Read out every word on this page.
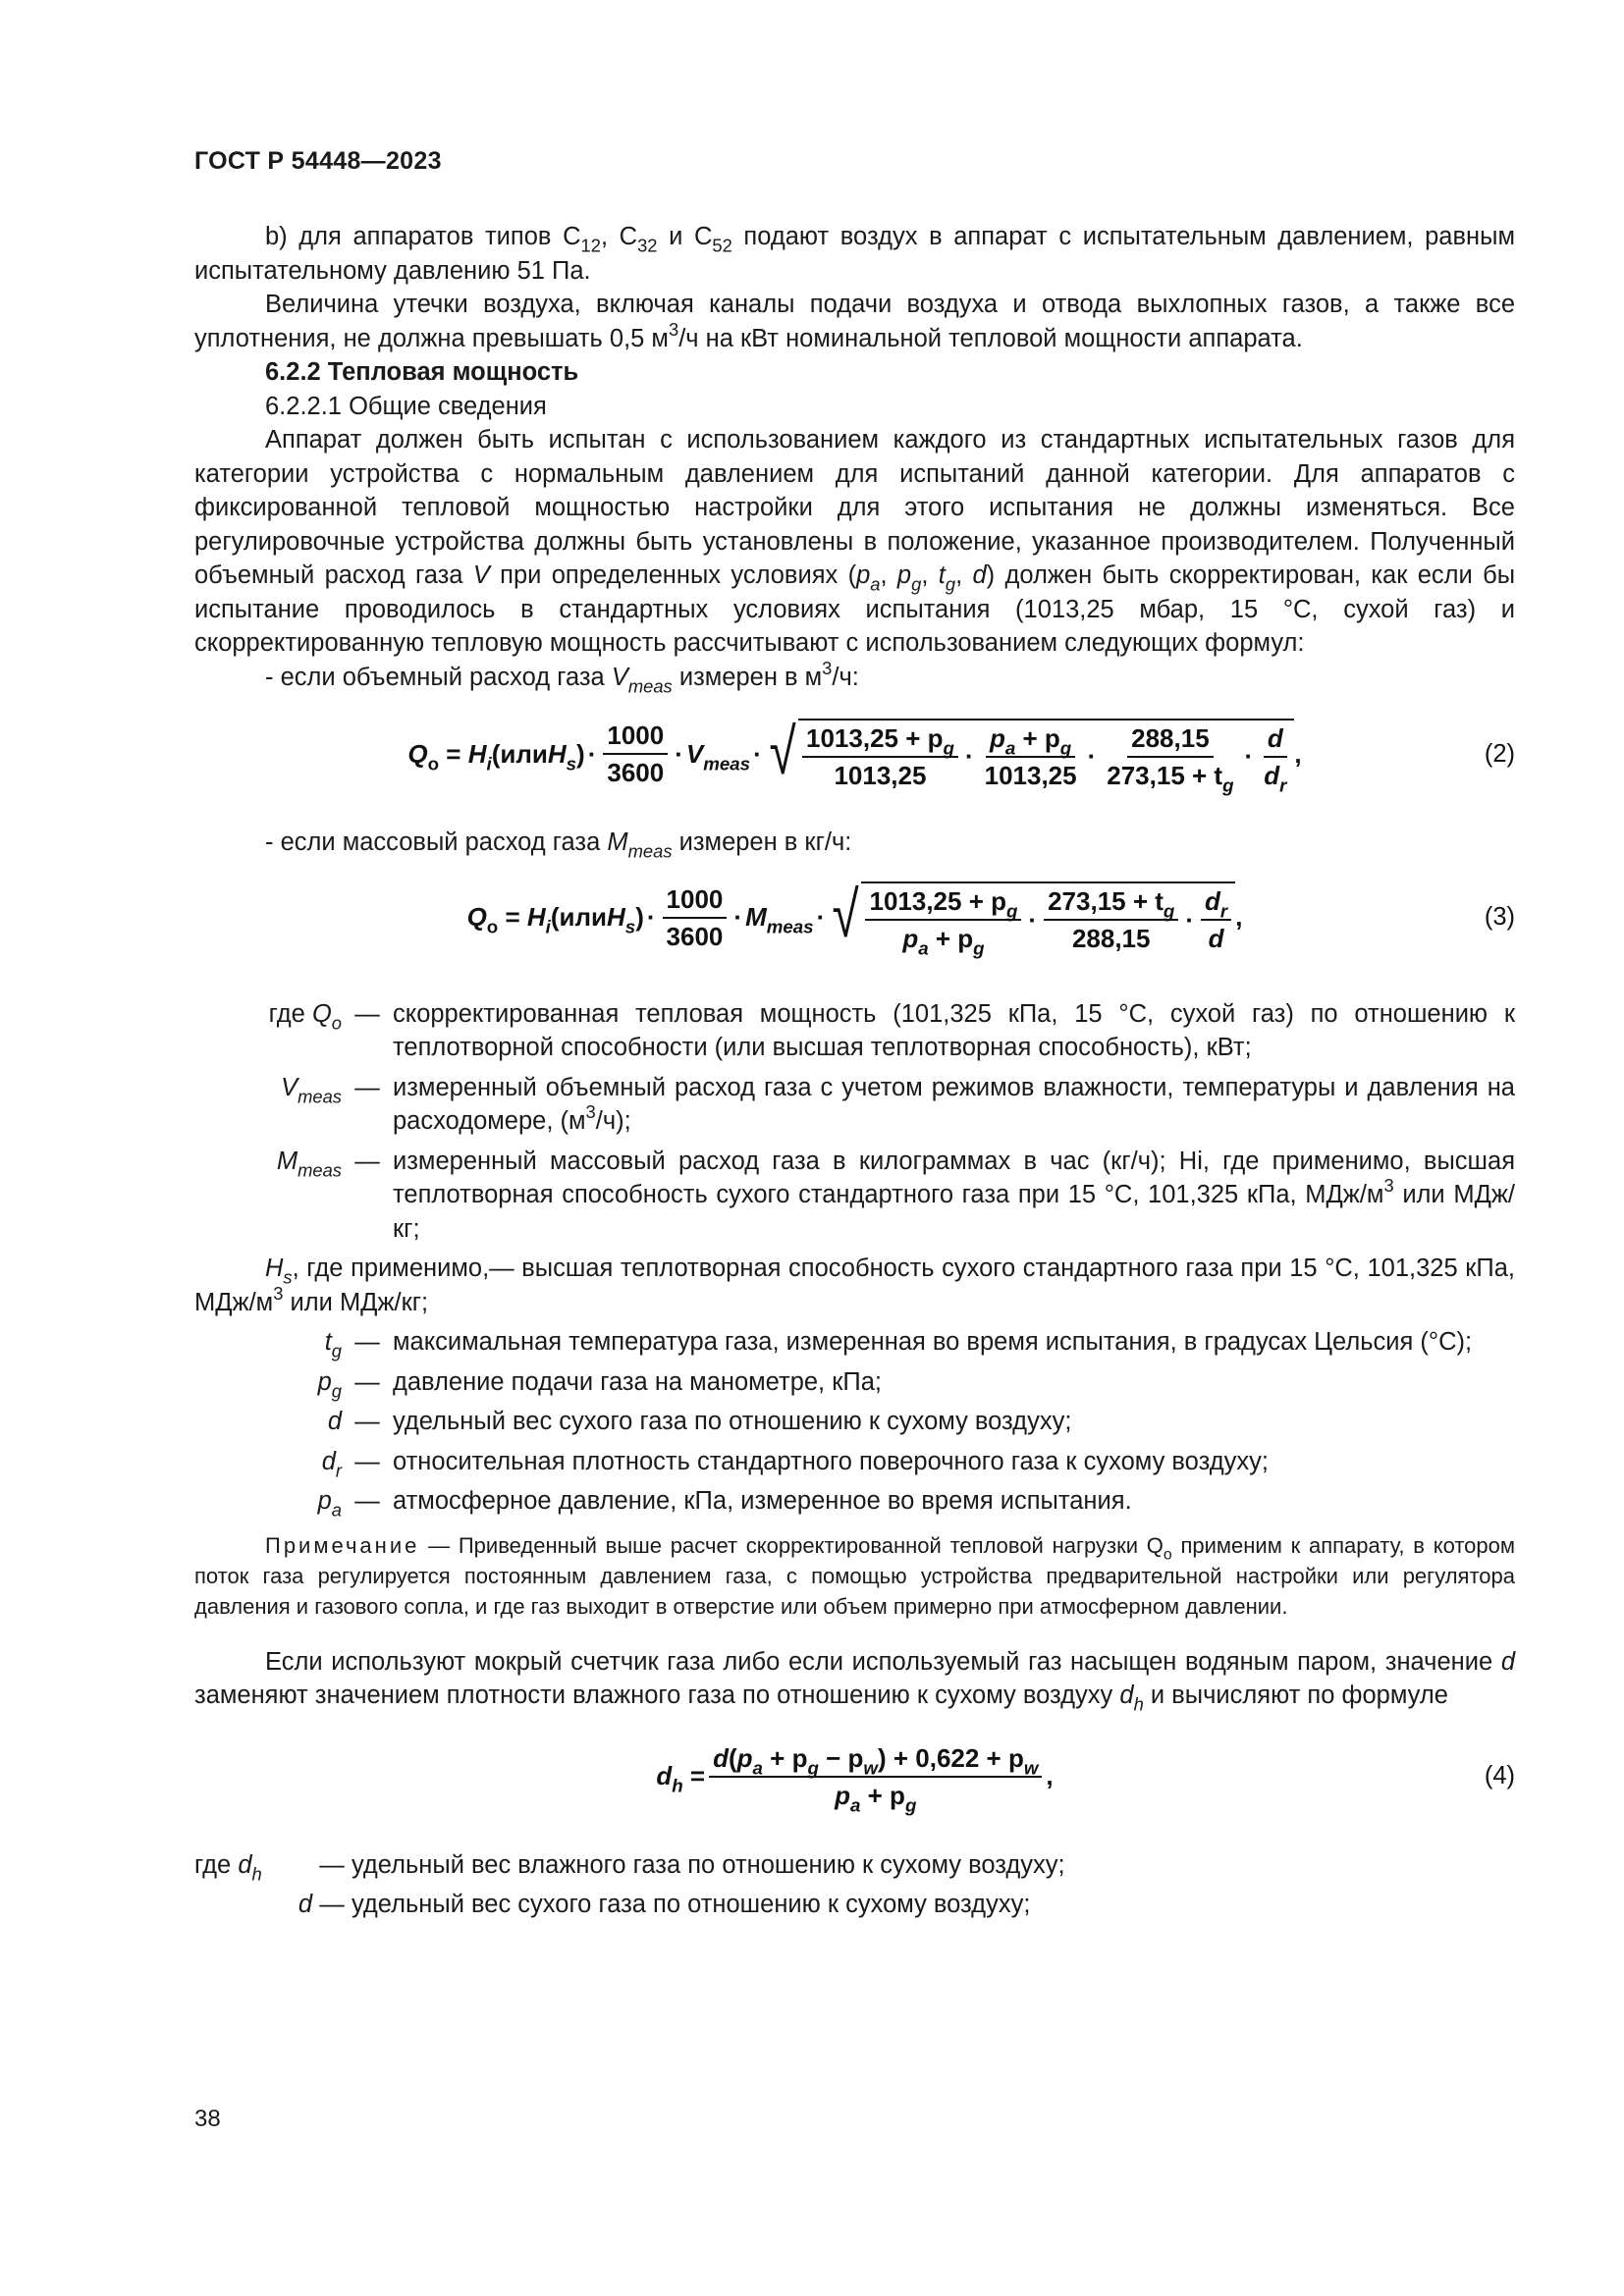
ГОСТ Р 54448—2023

b) для аппаратов типов $С_{12}$, $С_{32}$ и $С_{52}$ подают воздух в аппарат с испытательным давлением, равным испытательному давлению 51 Па.

Величина утечки воздуха, включая каналы подачи воздуха и отвода выхлопных газов, а также все уплотнения, не должна превышать 0,5 $м^3/ч$ на кВт номинальной тепловой мощности аппарата.

6.2.2 Тепловая мощность

6.2.2.1 Общие сведения

Аппарат должен быть испытан с использованием каждого из стандартных испытательных газов для категории устройства с нормальным давлением для испытаний данной категории. Для аппаратов с фиксированной тепловой мощностью настройки для этого испытания не должны изменяться. Все регулировочные устройства должны быть установлены в положение, указанное производителем. Полученный объемный расход газа V при определенных условиях ($p_a$, $p_g$, $t_g$, d) должен быть скорректирован, как если бы испытание проводилось в стандартных условиях испытания (1013,25 мбар, 15 °С, сухой газ) и скорректированную тепловую мощность рассчитывают с использованием следующих формул:

- если объемный расход газа $V_{meas}$ измерен в $м^3/ч$:

$Q_o$ = $H_i(илиH_s) \cdot \frac{1000}{3600} \cdot V_{meas}$ · √ $\frac{1013,25 + p_g}{1013,25} \cdot \frac{p_a + p_g}{1013,25} \cdot \frac{288,15}{273,15 + t_g} \cdot \frac{d}{d_r}$ ,	(2)

- если массовый расход газа $M_{meas}$ измерен в кг/ч:

$Q_o$ = $H_i(илиH_s) \cdot \frac{1000}{3600} \cdot M_{meas}$ · √ $\frac{1013,25 + p_g}{p_a + p_g} \cdot \frac{273,15 + t_g}{288,15} \cdot \frac{d_r}{d}$ ,	(3)
где $Q_o$ — скорректированная тепловая мощность (101,325 кПа, 15 °С, сухой газ) по отношению к теплотворной способности (или высшая теплотворная способность), кВт;
$V_{meas}$ — измеренный объемный расход газа с учетом режимов влажности, температуры и давления на расходомере, $(м^3/ч)$;
$M_{meas}$ — измеренный массовый расход газа в килограммах в час (кг/ч); Hi, где применимо, высшая теплотворная способность сухого стандартного газа при 15 °С, 101,325 кПа, МДж/$м^3$ или МДж/кг;
$H_s$, где применимо,— высшая теплотворная способность сухого стандартного газа при 15 °С, 101,325 кПа, МДж/$м^3$ или МДж/кг;
$t_g$ — максимальная температура газа, измеренная во время испытания, в градусах Цельсия (°С);
$p_g$ — давление подачи газа на манометре, кПа;
d — удельный вес сухого газа по отношению к сухому воздуху;
$d_r$ — относительная плотность стандартного поверочного газа к сухому воздуху;
$p_a$ — атмосферное давление, кПа, измеренное во время испытания.

Примечание — Приведенный выше расчет скорректированной тепловой нагрузки $Q_o$ применим к аппарату, в котором поток газа регулируется постоянным давлением газа, с помощью устройства предварительной настройки или регулятора давления и газового сопла, и где газ выходит в отверстие или объем примерно при атмосферном давлении.

Если используют мокрый счетчик газа либо если используемый газ насыщен водяным паром, значение d заменяют значением плотности влажного газа по отношению к сухому воздуху $d_h$ и вычисляют по формуле

$d_h = \frac{d(p_a + p_g - p_w) + 0,622 + p_w}{p_a + p_g}$ ,	(4)
где $d_h$	— удельный вес влажного газа по отношению к сухому воздуху;
d — удельный вес сухого газа по отношению к сухому воздуху;
38
